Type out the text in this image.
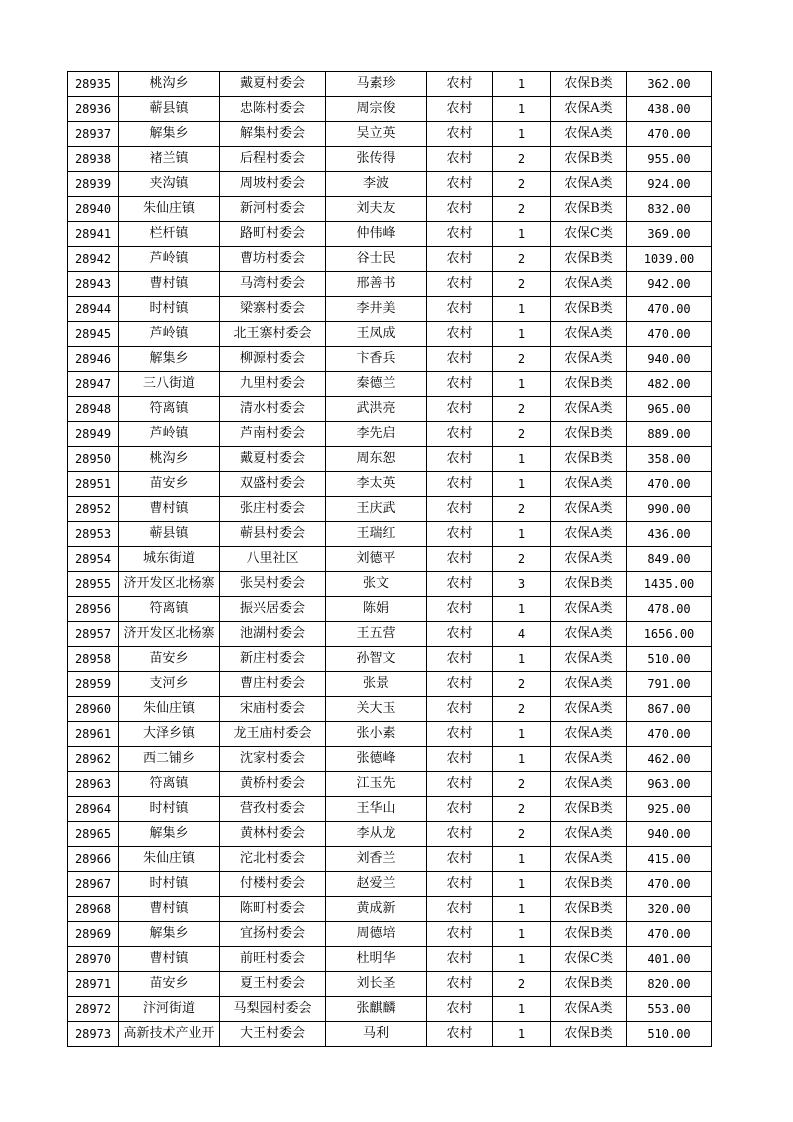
28935	桃沟乡	戴夏村委会	马素珍	农村	1	农保B类	362.00
28936	蕲县镇	忠陈村委会	周宗俊	农村	1	农保A类	438.00
28937	解集乡	解集村委会	吴立英	农村	1	农保A类	470.00
28938	褚兰镇	后程村委会	张传得	农村	2	农保B类	955.00
28939	夹沟镇	周坡村委会	李波	农村	2	农保A类	924.00
28940	朱仙庄镇	新河村委会	刘夫友	农村	2	农保B类	832.00
28941	栏杆镇	路町村委会	仲伟峰	农村	1	农保C类	369.00
28942	芦岭镇	曹坊村委会	谷士民	农村	2	农保B类	1039.00
28943	曹村镇	马湾村委会	邢善书	农村	2	农保A类	942.00
28944	时村镇	梁寨村委会	李井美	农村	1	农保B类	470.00
28945	芦岭镇	北王寨村委会	王凤成	农村	1	农保A类	470.00
28946	解集乡	柳源村委会	卞香兵	农村	2	农保A类	940.00
28947	三八街道	九里村委会	秦德兰	农村	1	农保B类	482.00
28948	符离镇	清水村委会	武洪亮	农村	2	农保A类	965.00
28949	芦岭镇	芦南村委会	李先启	农村	2	农保B类	889.00
28950	桃沟乡	戴夏村委会	周东恕	农村	1	农保B类	358.00
28951	苗安乡	双盛村委会	李太英	农村	1	农保A类	470.00
28952	曹村镇	张庄村委会	王庆武	农村	2	农保A类	990.00
28953	蕲县镇	蕲县村委会	王瑞红	农村	1	农保A类	436.00
28954	城东街道	八里社区	刘德平	农村	2	农保A类	849.00
28955	济开发区北杨寨	张吴村委会	张文	农村	3	农保B类	1435.00
28956	符离镇	振兴居委会	陈娟	农村	1	农保A类	478.00
28957	济开发区北杨寨	池湖村委会	王五营	农村	4	农保A类	1656.00
28958	苗安乡	新庄村委会	孙智文	农村	1	农保A类	510.00
28959	支河乡	曹庄村委会	张景	农村	2	农保A类	791.00
28960	朱仙庄镇	宋庙村委会	关大玉	农村	2	农保A类	867.00
28961	大泽乡镇	龙王庙村委会	张小素	农村	1	农保A类	470.00
28962	西二铺乡	沈家村委会	张德峰	农村	1	农保A类	462.00
28963	符离镇	黄桥村委会	江玉先	农村	2	农保A类	963.00
28964	时村镇	营孜村委会	王华山	农村	2	农保B类	925.00
28965	解集乡	黄林村委会	李从龙	农村	2	农保A类	940.00
28966	朱仙庄镇	沱北村委会	刘香兰	农村	1	农保A类	415.00
28967	时村镇	付楼村委会	赵爱兰	农村	1	农保B类	470.00
28968	曹村镇	陈町村委会	黄成新	农村	1	农保B类	320.00
28969	解集乡	宜扬村委会	周德培	农村	1	农保B类	470.00
28970	曹村镇	前旺村委会	杜明华	农村	1	农保C类	401.00
28971	苗安乡	夏王村委会	刘长圣	农村	2	农保B类	820.00
28972	汴河街道	马梨园村委会	张麒麟	农村	1	农保A类	553.00
28973	高新技术产业开	大王村委会	马利	农村	1	农保B类	510.00
